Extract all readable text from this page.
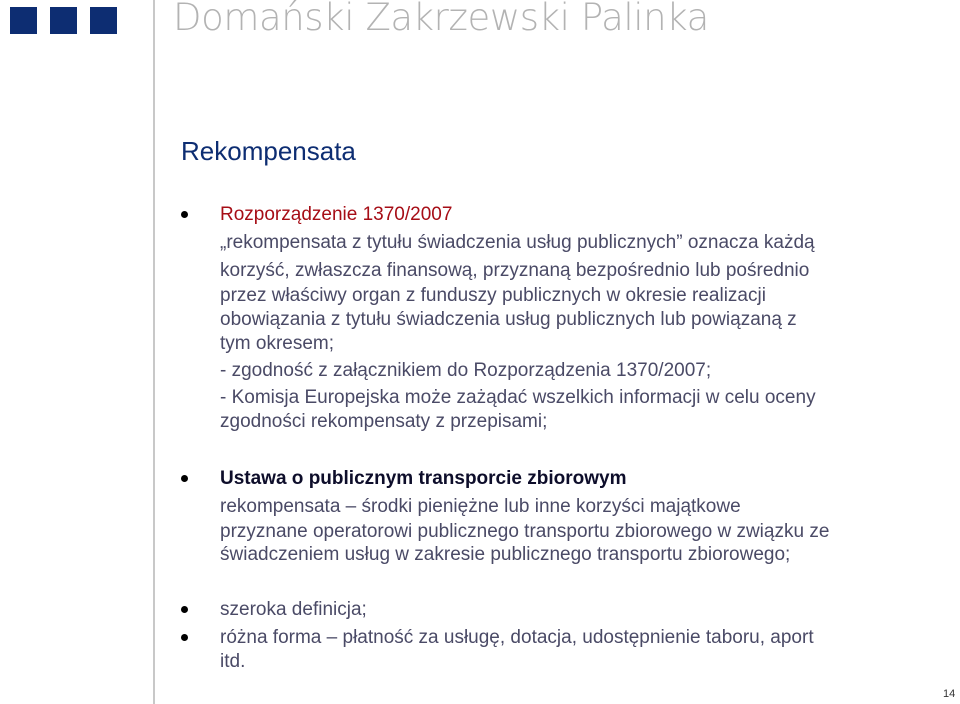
Domański Zakrzewski Palinka
Rekompensata
Rozporządzenie 1370/2007
„rekompensata z tytułu świadczenia usług publicznych” oznacza każdą
korzyść, zwłaszcza finansową, przyznaną bezpośrednio lub pośrednio
przez właściwy organ z funduszy publicznych w okresie realizacji
obowiązania z tytułu świadczenia usług publicznych lub powiązaną z
tym okresem;
- zgodność z załącznikiem do Rozporządzenia 1370/2007;
- Komisja Europejska może zażądać wszelkich informacji w celu oceny
zgodności rekompensaty z przepisami;
Ustawa o publicznym transporcie zbiorowym
rekompensata – środki pieniężne lub inne korzyści majątkowe
przyznane operatorowi publicznego transportu zbiorowego w związku ze
świadczeniem usług w zakresie publicznego transportu zbiorowego;
szeroka definicja;
różna forma – płatność za usługę, dotacja, udostępnienie taboru, aport
itd.
14
